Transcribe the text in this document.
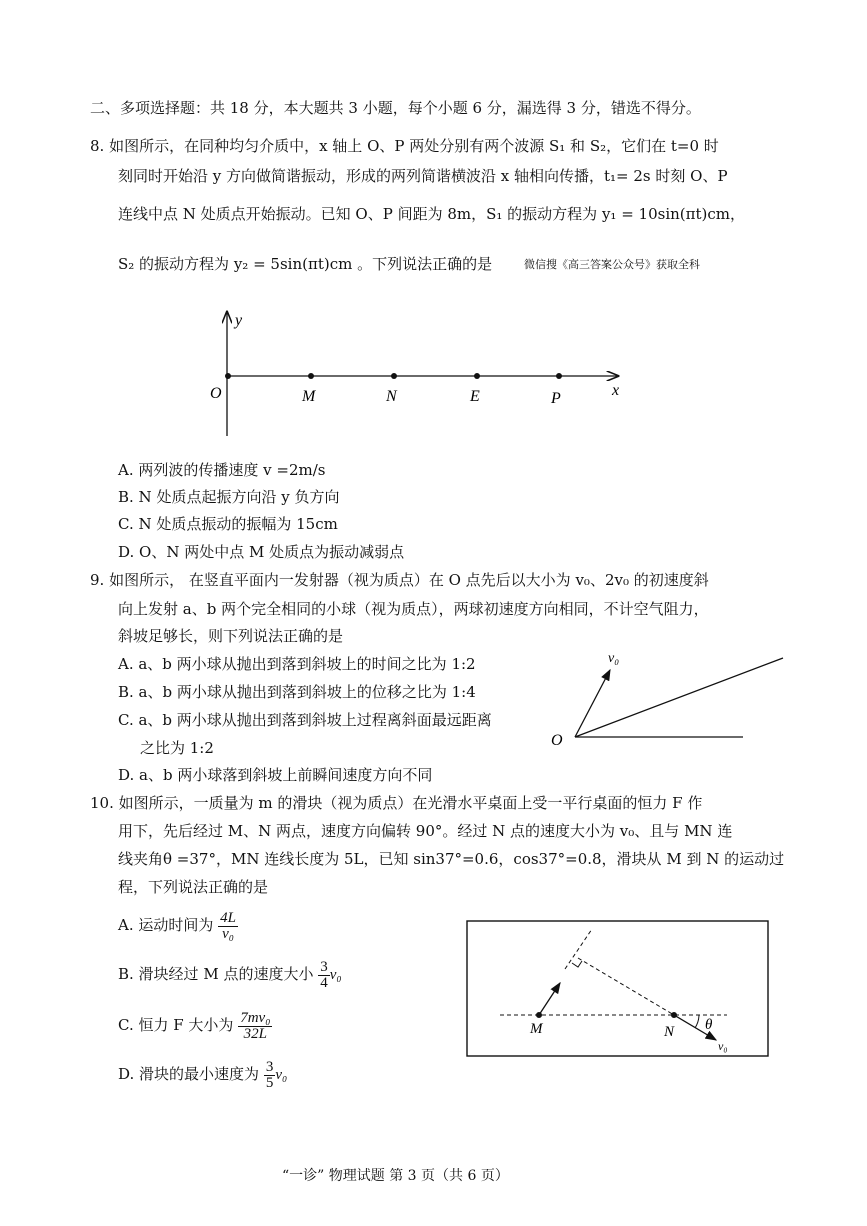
二、多项选择题：共 18 分，本大题共 3 小题，每个小题 6 分，漏选得 3 分，错选不得分。
8. 如图所示，在同种均匀介质中，x 轴上 O、P 两处分别有两个波源 S₁ 和 S₂，它们在 t=0 时
刻同时开始沿 y 方向做简谐振动，形成的两列简谐横波沿 x 轴相向传播，t₁= 2s 时刻 O、P
连线中点 N 处质点开始振动。已知 O、P 间距为 8m，S₁ 的振动方程为 y₁ = 10sin(πt)cm，
S₂ 的振动方程为 y₂ = 5sin(πt)cm 。下列说法正确的是	微信搜《高三答案公众号》获取全科
y
x
O	M	N	E	P
A. 两列波的传播速度 v =2m/s
B. N 处质点起振方向沿 y 负方向
C. N 处质点振动的振幅为 15cm
D. O、N 两处中点 M 处质点为振动减弱点
9. 如图所示， 在竖直平面内一发射器（视为质点）在 O 点先后以大小为 v₀、2v₀ 的初速度斜
向上发射 a、b 两个完全相同的小球（视为质点），两球初速度方向相同，不计空气阻力，
斜坡足够长，则下列说法正确的是
A. a、b 两小球从抛出到落到斜坡上的时间之比为 1:2
B. a、b 两小球从抛出到落到斜坡上的位移之比为 1:4
C. a、b 两小球从抛出到落到斜坡上过程离斜面最远距离
之比为 1:2
D. a、b 两小球落到斜坡上前瞬间速度方向不同
v₀
O
10. 如图所示，一质量为 m 的滑块（视为质点）在光滑水平桌面上受一平行桌面的恒力 F 作
用下，先后经过 M、N 两点，速度方向偏转 90°。经过 N 点的速度大小为 v₀、且与 MN 连
线夹角θ =37°，MN 连线长度为 5L，已知 sin37°=0.6，cos37°=0.8，滑块从 M 到 N 的运动过
程，下列说法正确的是
A. 运动时间为 $\frac{4L}{\text{v₀}}$
B. 滑块经过 M 点的速度大小 $\frac{3}{4} v_0$
C. 恒力 F 大小为 $\frac{\text{7mv₀}}{32L}$
D. 滑块的最小速度为 $\frac{3}{5} v_0$
M	N θ
v₀
“一诊” 物理试题 第 3 页（共 6 页）
